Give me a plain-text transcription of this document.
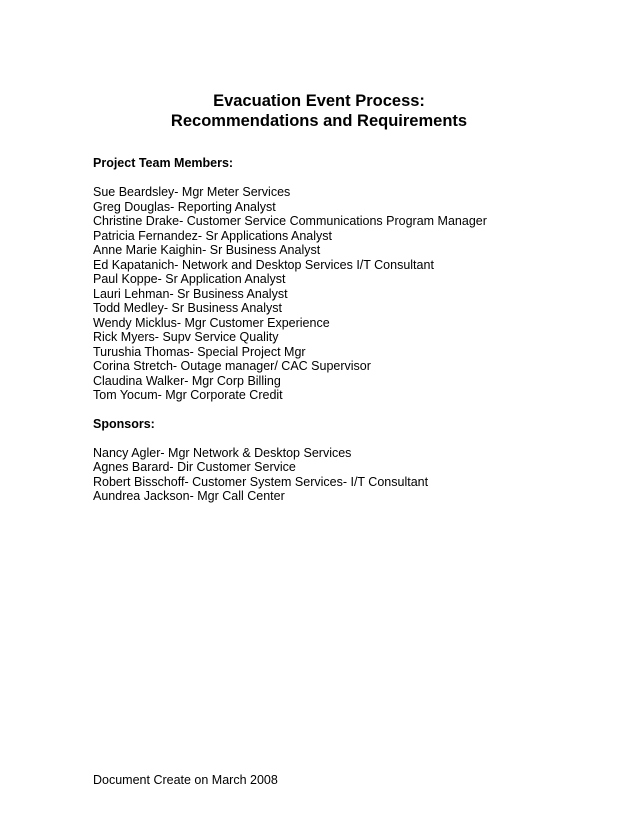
Evacuation Event Process:
Recommendations and Requirements
Project Team Members:
Sue Beardsley- Mgr Meter Services
Greg Douglas- Reporting Analyst
Christine Drake- Customer Service Communications Program Manager
Patricia Fernandez- Sr Applications Analyst
Anne Marie Kaighin- Sr Business Analyst
Ed Kapatanich- Network and Desktop Services I/T Consultant
Paul Koppe- Sr Application Analyst
Lauri Lehman- Sr Business Analyst
Todd Medley- Sr Business Analyst
Wendy Micklus- Mgr Customer Experience
Rick Myers- Supv Service Quality
Turushia Thomas- Special Project Mgr
Corina Stretch- Outage manager/ CAC Supervisor
Claudina Walker- Mgr Corp Billing
Tom Yocum- Mgr Corporate Credit
Sponsors:
Nancy Agler- Mgr Network & Desktop Services
Agnes Barard- Dir Customer Service
Robert Bisschoff- Customer System Services- I/T Consultant
Aundrea Jackson- Mgr Call Center
Document Create on March 2008
